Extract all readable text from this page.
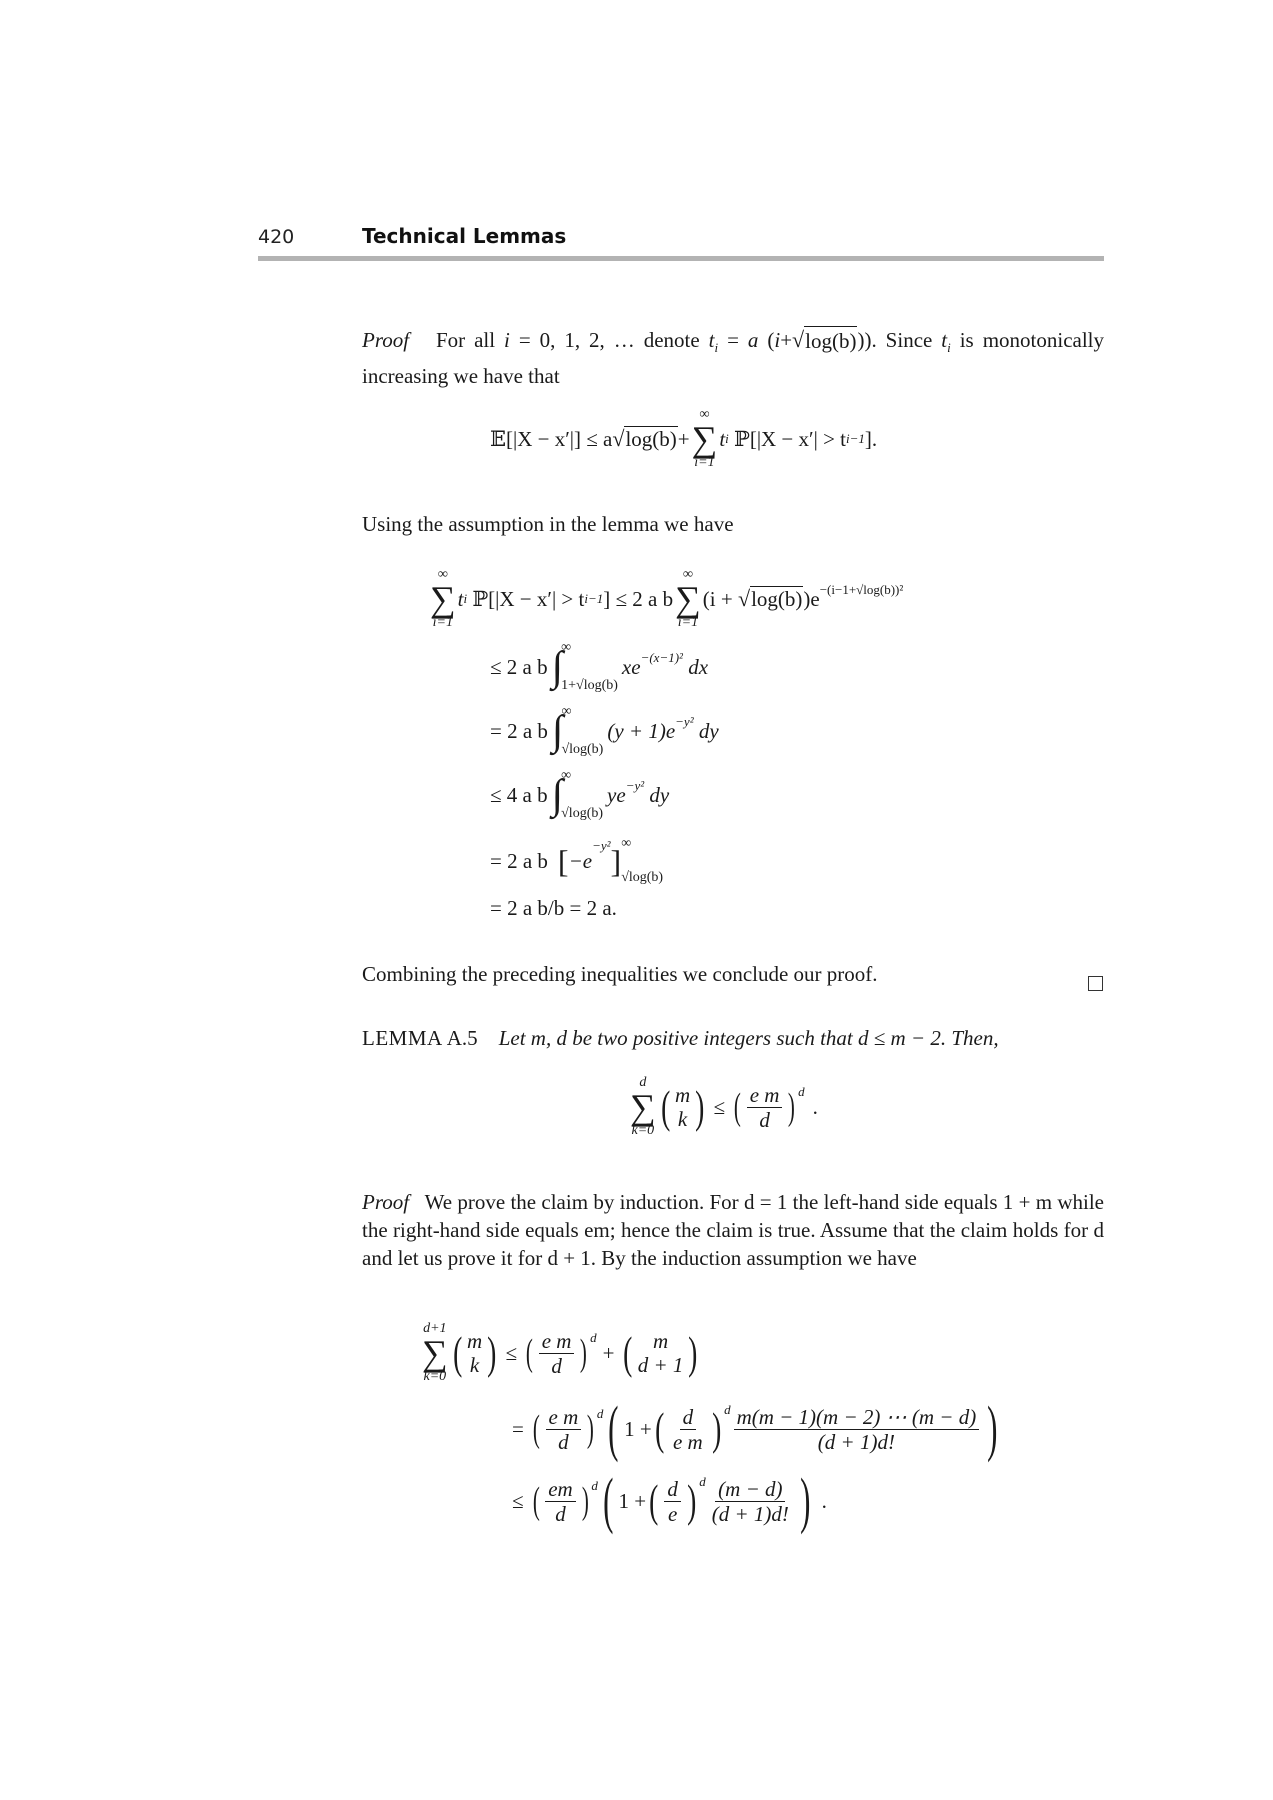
420	Technical Lemmas
Proof For all i = 0, 1, 2, … denote $t_i = a$ (i+ √ log(b) )). Since $t_i$ is monotonically increasing we have that
𝔼[|X − x′|] ≤ a √ log(b) +
∞
∑
i=1
t i ℙ[|X − x′| > t i−1 ].
Using the assumption in the lemma we have
∞
∑
i=1
t i ℙ[|X − x′| > t i−1 ] ≤ 2 a b
∞
∑
i=1
(i + √ log(b) )$e^{-(i-1+√log(b))^2}$
≤ 2 a b ∫
∞
1+√log(b)
$xe^{-(x-1)^2}$ dx
= 2 a b ∫
∞
√log(b)
$(y + 1)e^{-y^2}$ dy
≤ 4 a b ∫
∞
√log(b)
$ye^{-y^2}$ dy
= 2 a b [ −e
$^{-y^2}$ ] ∞
√log(b)
= 2 a b/b = 2 a.
Combining the preceding inequalities we conclude our proof.
LEMMA A.5 Let m, d be two positive integers such that d ≤ m − 2. Then,
d
∑
k=0 ( m
k ) ≤ ( $\frac{\text{e m}}{d} )^d$
.
Proof We prove the claim by induction. For d = 1 the left-hand side equals 1 + m while the right-hand side equals em; hence the claim is true. Assume that the claim holds for d and let us prove it for d + 1. By the induction assumption we have
d+1
∑
k=0 ( m
k ) ≤ ( $\frac{\text{e m}}{d} )^d$
+ ( m
d + 1 )
= ( $\frac{\text{e m}}{d} )^d$ ( 1 + ( $\frac{d}{\text{e m}} )^d \frac{m(m - 1)(m - 2) \cdots (m - d)}{(d + 1)d!}$ )
≤ ( $\frac{em}{d} )^d$ ( 1 + ( $\frac{d}{e} )^d \frac{(m - d)}{(d + 1)d!}$ ) .
